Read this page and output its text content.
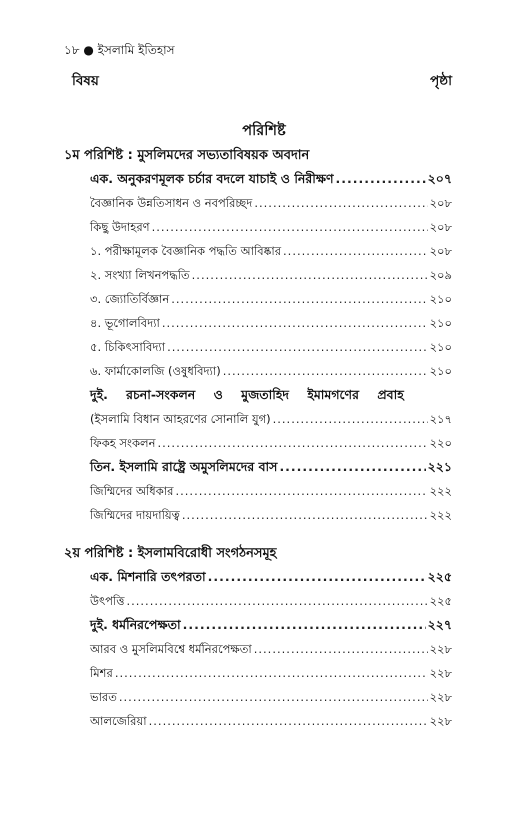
১৮ ● ইসলামি ইতিহাস
বিষয়	পৃষ্ঠা
পরিশিষ্ট
১ম পরিশিষ্ট : মুসলিমদের সভ্যতাবিষয়ক অবদান
এক. অনুকরণমূলক চর্চার বদলে যাচাই ও নিরীক্ষণ .....	২০৭
বৈজ্ঞানিক উন্নতিসাধন ও নবপরিচ্ছদ .....	২০৮
কিছু উদাহরণ .....	২০৮
১. পরীক্ষামূলক বৈজ্ঞানিক পদ্ধতি আবিষ্কার .....	২০৮
২. সংখ্যা লিখনপদ্ধতি .....	২০৯
৩. জ্যোতির্বিজ্ঞান .....	২১০
৪. ভূগোলবিদ্যা .....	২১০
৫. চিকিৎসাবিদ্যা .....	২১০
৬. ফার্মাকোলজি (ওষুধবিদ্যা) .....	২১০
দুই. রচনা-সংকলন ও মুজতাহিদ ইমামগণের প্রবাহ
(ইসলামি বিধান আহরণের সোনালি যুগ) .....	২১৭
ফিকহ সংকলন .....	২২০
তিন. ইসলামি রাষ্ট্রে অমুসলিমদের বাস .....	২২১
জিম্মিদের অধিকার .....	২২২
জিম্মিদের দায়দায়িত্ব .....	২২২
২য় পরিশিষ্ট : ইসলামবিরোধী সংগঠনসমূহ
এক. মিশনারি তৎপরতা .....	২২৫
উৎপত্তি .....	২২৫
দুই. ধর্মনিরপেক্ষতা .....	২২৭
আরব ও মুসলিমবিশ্বে ধর্মনিরপেক্ষতা .....	২২৮
মিশর .....	২২৮
ভারত .....	২২৮
আলজেরিয়া .....	২২৮
